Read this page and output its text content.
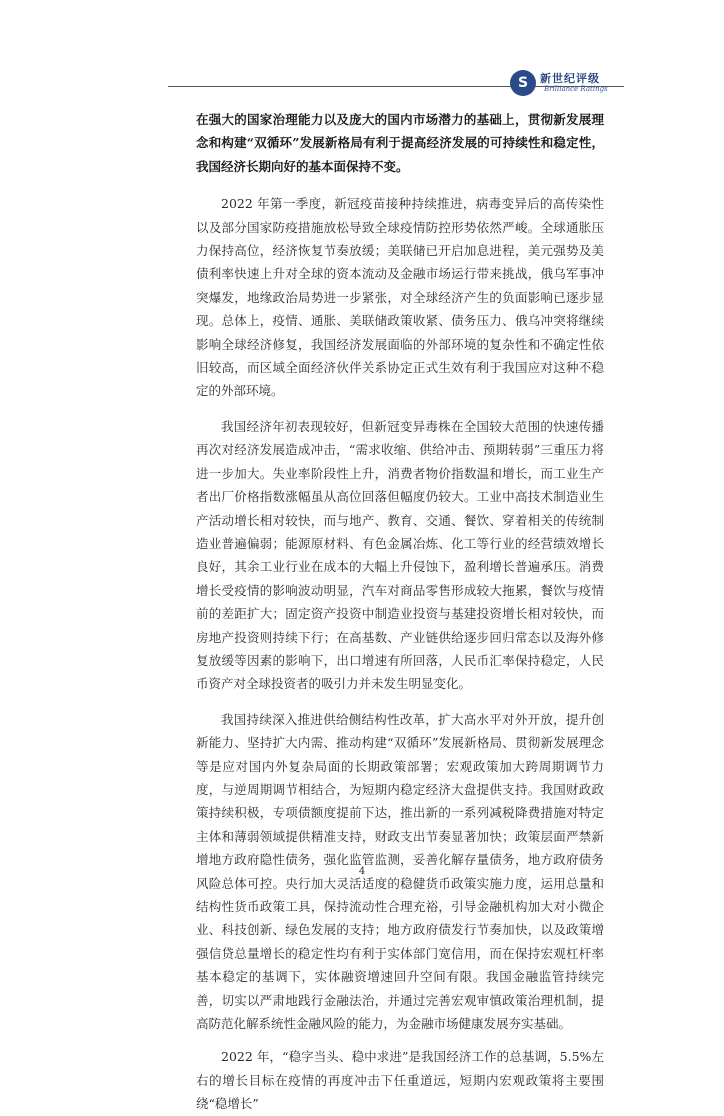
S	新世纪评级
Brilliance Ratings

在强大的国家治理能力以及庞大的国内市场潜力的基础上，贯彻新发展理念和构建“双循环”发展新格局有利于提高经济发展的可持续性和稳定性，我国经济长期向好的基本面保持不变。

2022 年第一季度，新冠疫苗接种持续推进，病毒变异后的高传染性以及部分国家防疫措施放松导致全球疫情防控形势依然严峻。全球通胀压力保持高位，经济恢复节奏放缓；美联储已开启加息进程，美元强势及美债利率快速上升对全球的资本流动及金融市场运行带来挑战，俄乌军事冲突爆发，地缘政治局势进一步紧张，对全球经济产生的负面影响已逐步显现。总体上，疫情、通胀、美联储政策收紧、债务压力、俄乌冲突将继续影响全球经济修复，我国经济发展面临的外部环境的复杂性和不确定性依旧较高，而区域全面经济伙伴关系协定正式生效有利于我国应对这种不稳定的外部环境。

我国经济年初表现较好，但新冠变异毒株在全国较大范围的快速传播再次对经济发展造成冲击，“需求收缩、供给冲击、预期转弱”三重压力将进一步加大。失业率阶段性上升，消费者物价指数温和增长，而工业生产者出厂价格指数涨幅虽从高位回落但幅度仍较大。工业中高技术制造业生产活动增长相对较快，而与地产、教育、交通、餐饮、穿着相关的传统制造业普遍偏弱；能源原材料、有色金属冶炼、化工等行业的经营绩效增长良好，其余工业行业在成本的大幅上升侵蚀下，盈利增长普遍承压。消费增长受疫情的影响波动明显，汽车对商品零售形成较大拖累，餐饮与疫情前的差距扩大；固定资产投资中制造业投资与基建投资增长相对较快，而房地产投资则持续下行；在高基数、产业链供给逐步回归常态以及海外修复放缓等因素的影响下，出口增速有所回落，人民币汇率保持稳定，人民币资产对全球投资者的吸引力并未发生明显变化。

我国持续深入推进供给侧结构性改革，扩大高水平对外开放，提升创新能力、坚持扩大内需、推动构建“双循环”发展新格局、贯彻新发展理念等是应对国内外复杂局面的长期政策部署；宏观政策加大跨周期调节力度，与逆周期调节相结合，为短期内稳定经济大盘提供支持。我国财政政策持续积极，专项债额度提前下达，推出新的一系列减税降费措施对特定主体和薄弱领域提供精准支持，财政支出节奏显著加快；政策层面严禁新增地方政府隐性债务，强化监管监测，妥善化解存量债务，地方政府债务风险总体可控。央行加大灵活适度的稳健货币政策实施力度，运用总量和结构性货币政策工具，保持流动性合理充裕，引导金融机构加大对小微企业、科技创新、绿色发展的支持；地方政府债发行节奏加快，以及政策增强信贷总量增长的稳定性均有利于实体部门宽信用，而在保持宏观杠杆率基本稳定的基调下，实体融资增速回升空间有限。我国金融监管持续完善，切实以严肃地践行金融法治，并通过完善宏观审慎政策治理机制，提高防范化解系统性金融风险的能力，为金融市场健康发展夯实基础。

2022 年，“稳字当头、稳中求进”是我国经济工作的总基调，5.5%左右的增长目标在疫情的再度冲击下任重道远，短期内宏观政策将主要围绕“稳增长”

4
